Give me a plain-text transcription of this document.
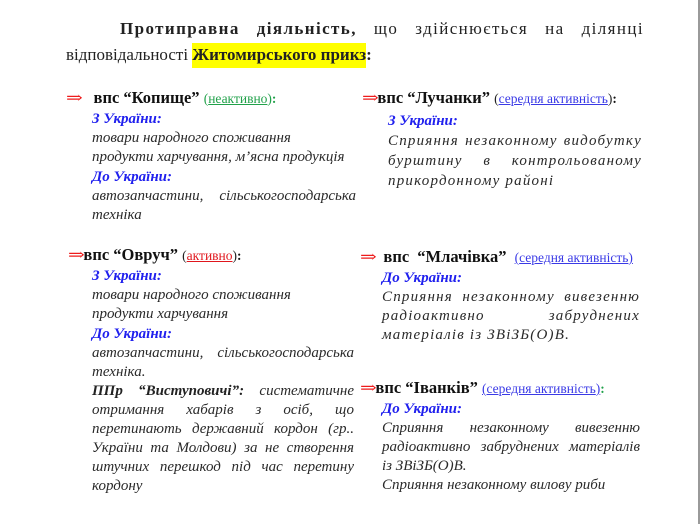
Протиправна діяльність, що здійснюється на ділянці
відповідальності Житомирського прикз:
⇒ впс “Копище” (неактивно):
З України:
товари народного споживання
продукти харчування, м’ясна продукція
До України:
автозапчастини, сільськогосподарська техніка
⇒впс “Лучанки” (середня активність):
З України:
Сприяння незаконному видобутку бурштину в контрольованому прикордонному районі
⇒впс “Овруч” (активно):
З України:
товари народного споживання
продукти харчування
До України:
автозапчастини, сільськогосподарська техніка.
ППр “Виступовичі”: систематичне отримання хабарів з осіб, що перетинають державний кордон (гр.. України та Молдови) за не створення штучних перешкод під час перетину кордону
⇒ впс “Млачівка” (середня активність)
До України:
Сприяння незаконному вивезенню радіоактивно забруднених матеріалів із ЗВіЗБ(О)В.
⇒впс “Іванків” (середня активність):
До України:
Сприяння незаконному вивезенню радіоактивно забруднених матеріалів із ЗВіЗБ(О)В.
Сприяння незаконному вилову риби
